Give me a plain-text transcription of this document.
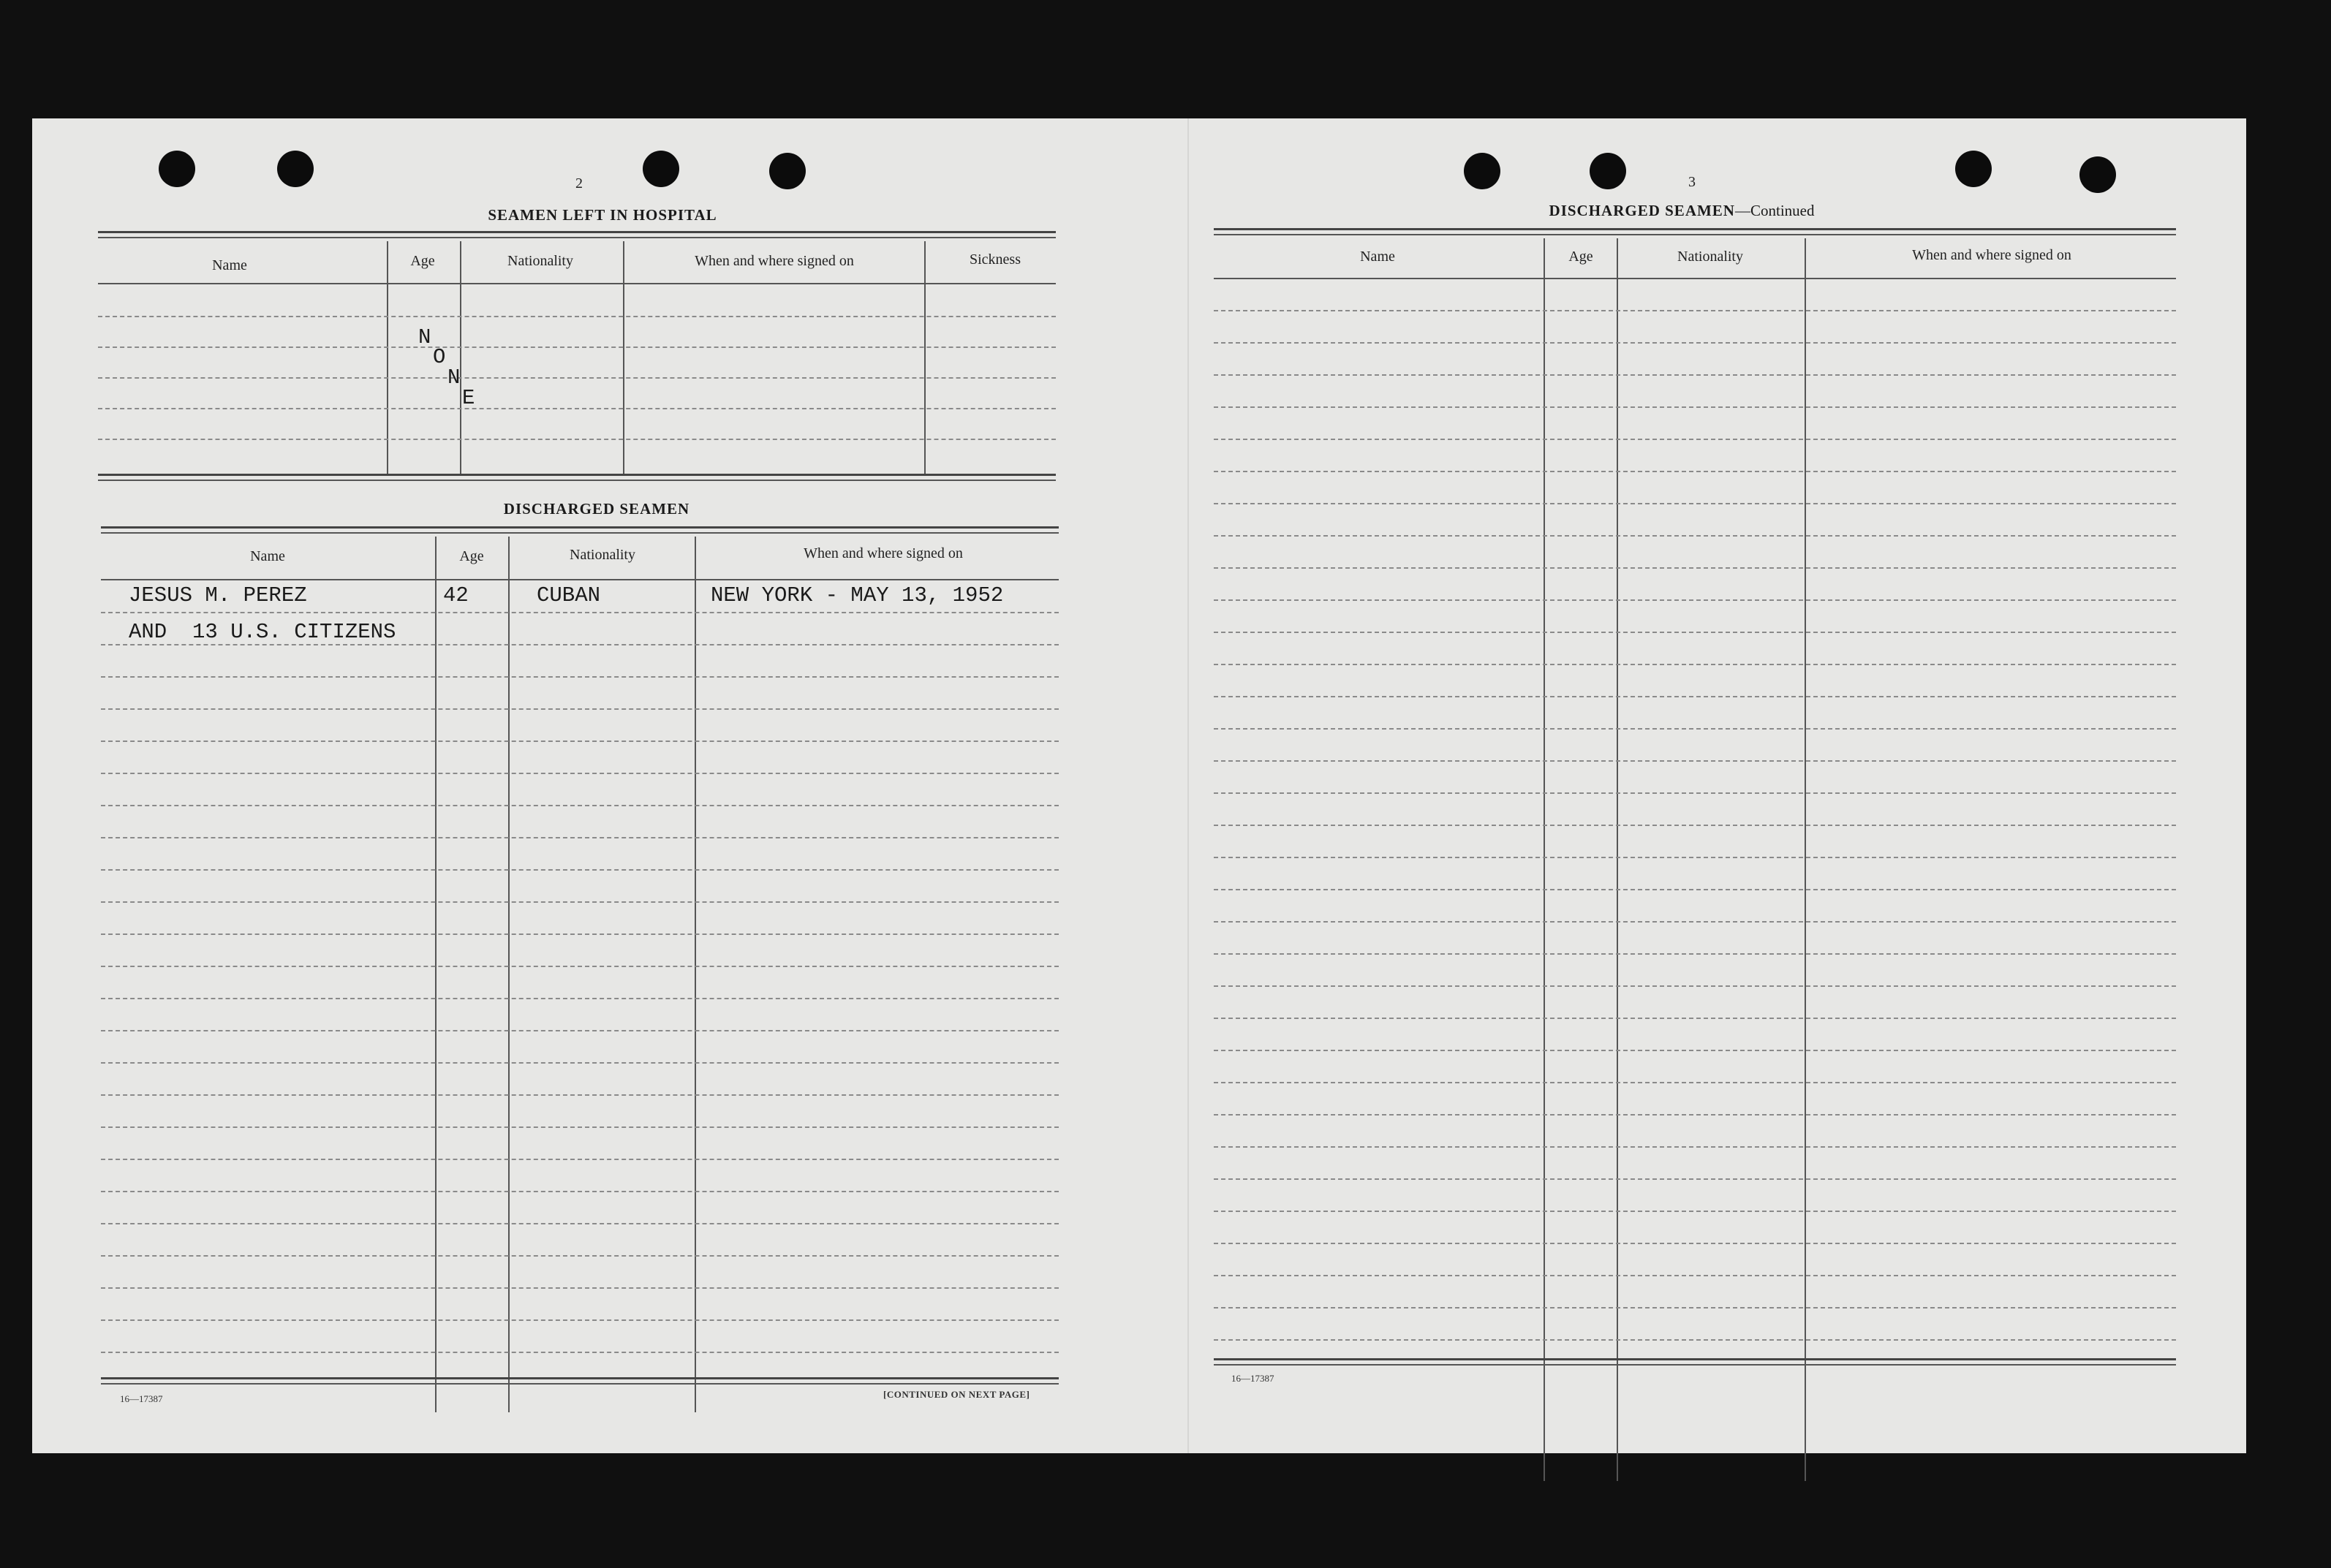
2
SEAMEN LEFT IN HOSPITAL
Name	Age	Nationality	When and where signed on	Sickness
N
O
N
E
DISCHARGED SEAMEN
Name	Age	Nationality	When and where signed on
JESUS M. PEREZ	42	CUBAN	NEW YORK - MAY 13, 1952
AND  13 U.S. CITIZENS
16—17387	[CONTINUED ON NEXT PAGE]
3
DISCHARGED SEAMEN—Continued
Name	Age	Nationality	When and where signed on
16—17387
